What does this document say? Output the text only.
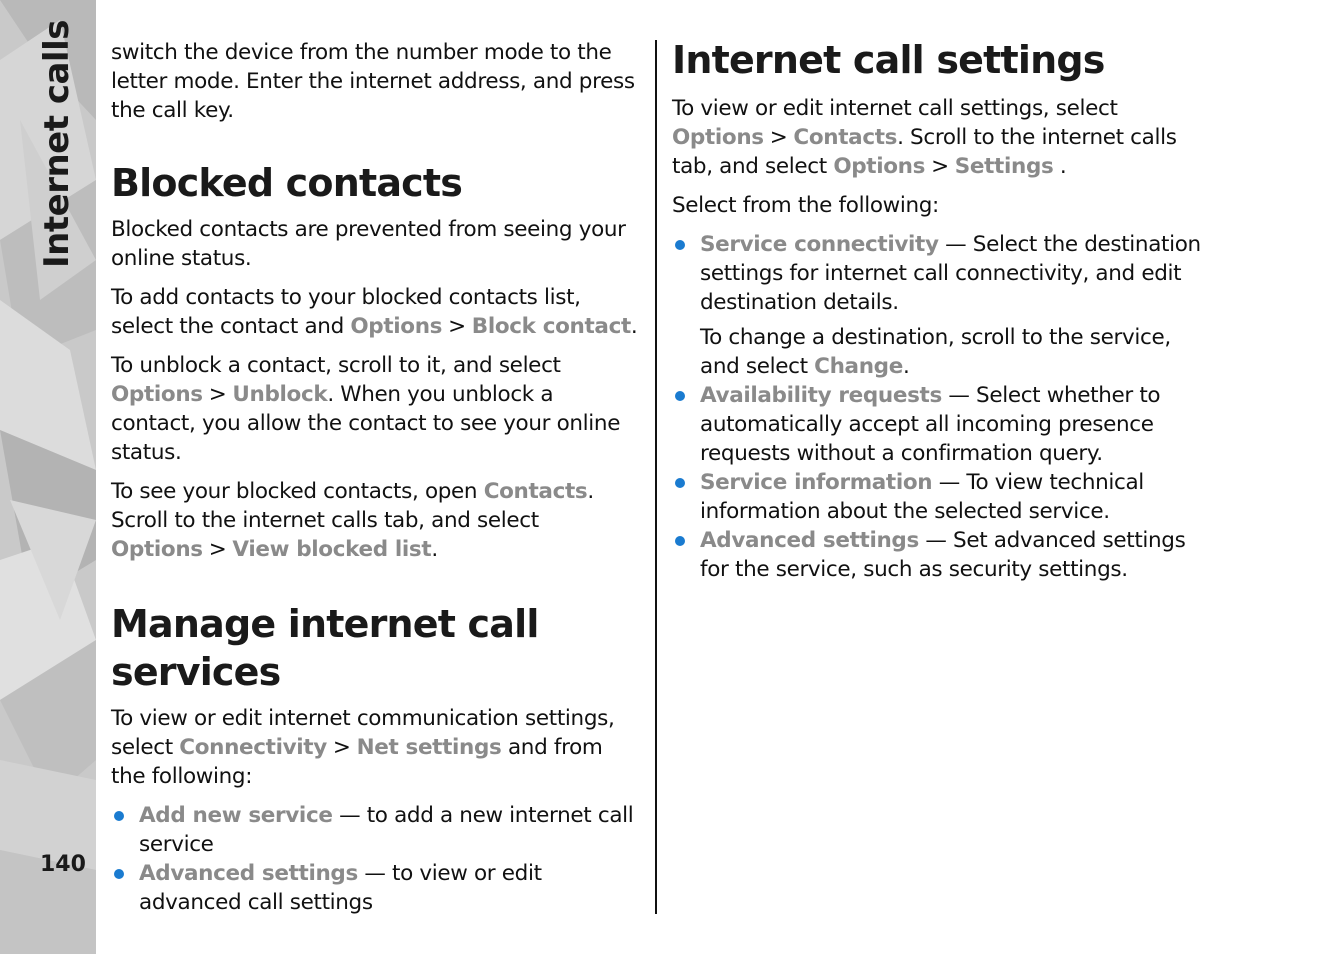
Internet calls
140

switch the device from the number mode to the letter mode. Enter the internet address, and press the call key.

Blocked contacts

Blocked contacts are prevented from seeing your online status.

To add contacts to your blocked contacts list, select the contact and Options > Block contact.

To unblock a contact, scroll to it, and select Options > Unblock. When you unblock a contact, you allow the contact to see your online status.

To see your blocked contacts, open Contacts. Scroll to the internet calls tab, and select Options > View blocked list.

Manage internet call services

To view or edit internet communication settings, select Connectivity > Net settings and from the following:

Add new service — to add a new internet call service
Advanced settings — to view or edit advanced call settings
Internet call settings

To view or edit internet call settings, select Options > Contacts. Scroll to the internet calls tab, and select Options > Settings .

Select from the following:

Service connectivity — Select the destination settings for internet call connectivity, and edit destination details.

To change a destination, scroll to the service, and select Change.

Availability requests — Select whether to automatically accept all incoming presence requests without a confirmation query.
Service information — To view technical information about the selected service.
Advanced settings — Set advanced settings for the service, such as security settings.
